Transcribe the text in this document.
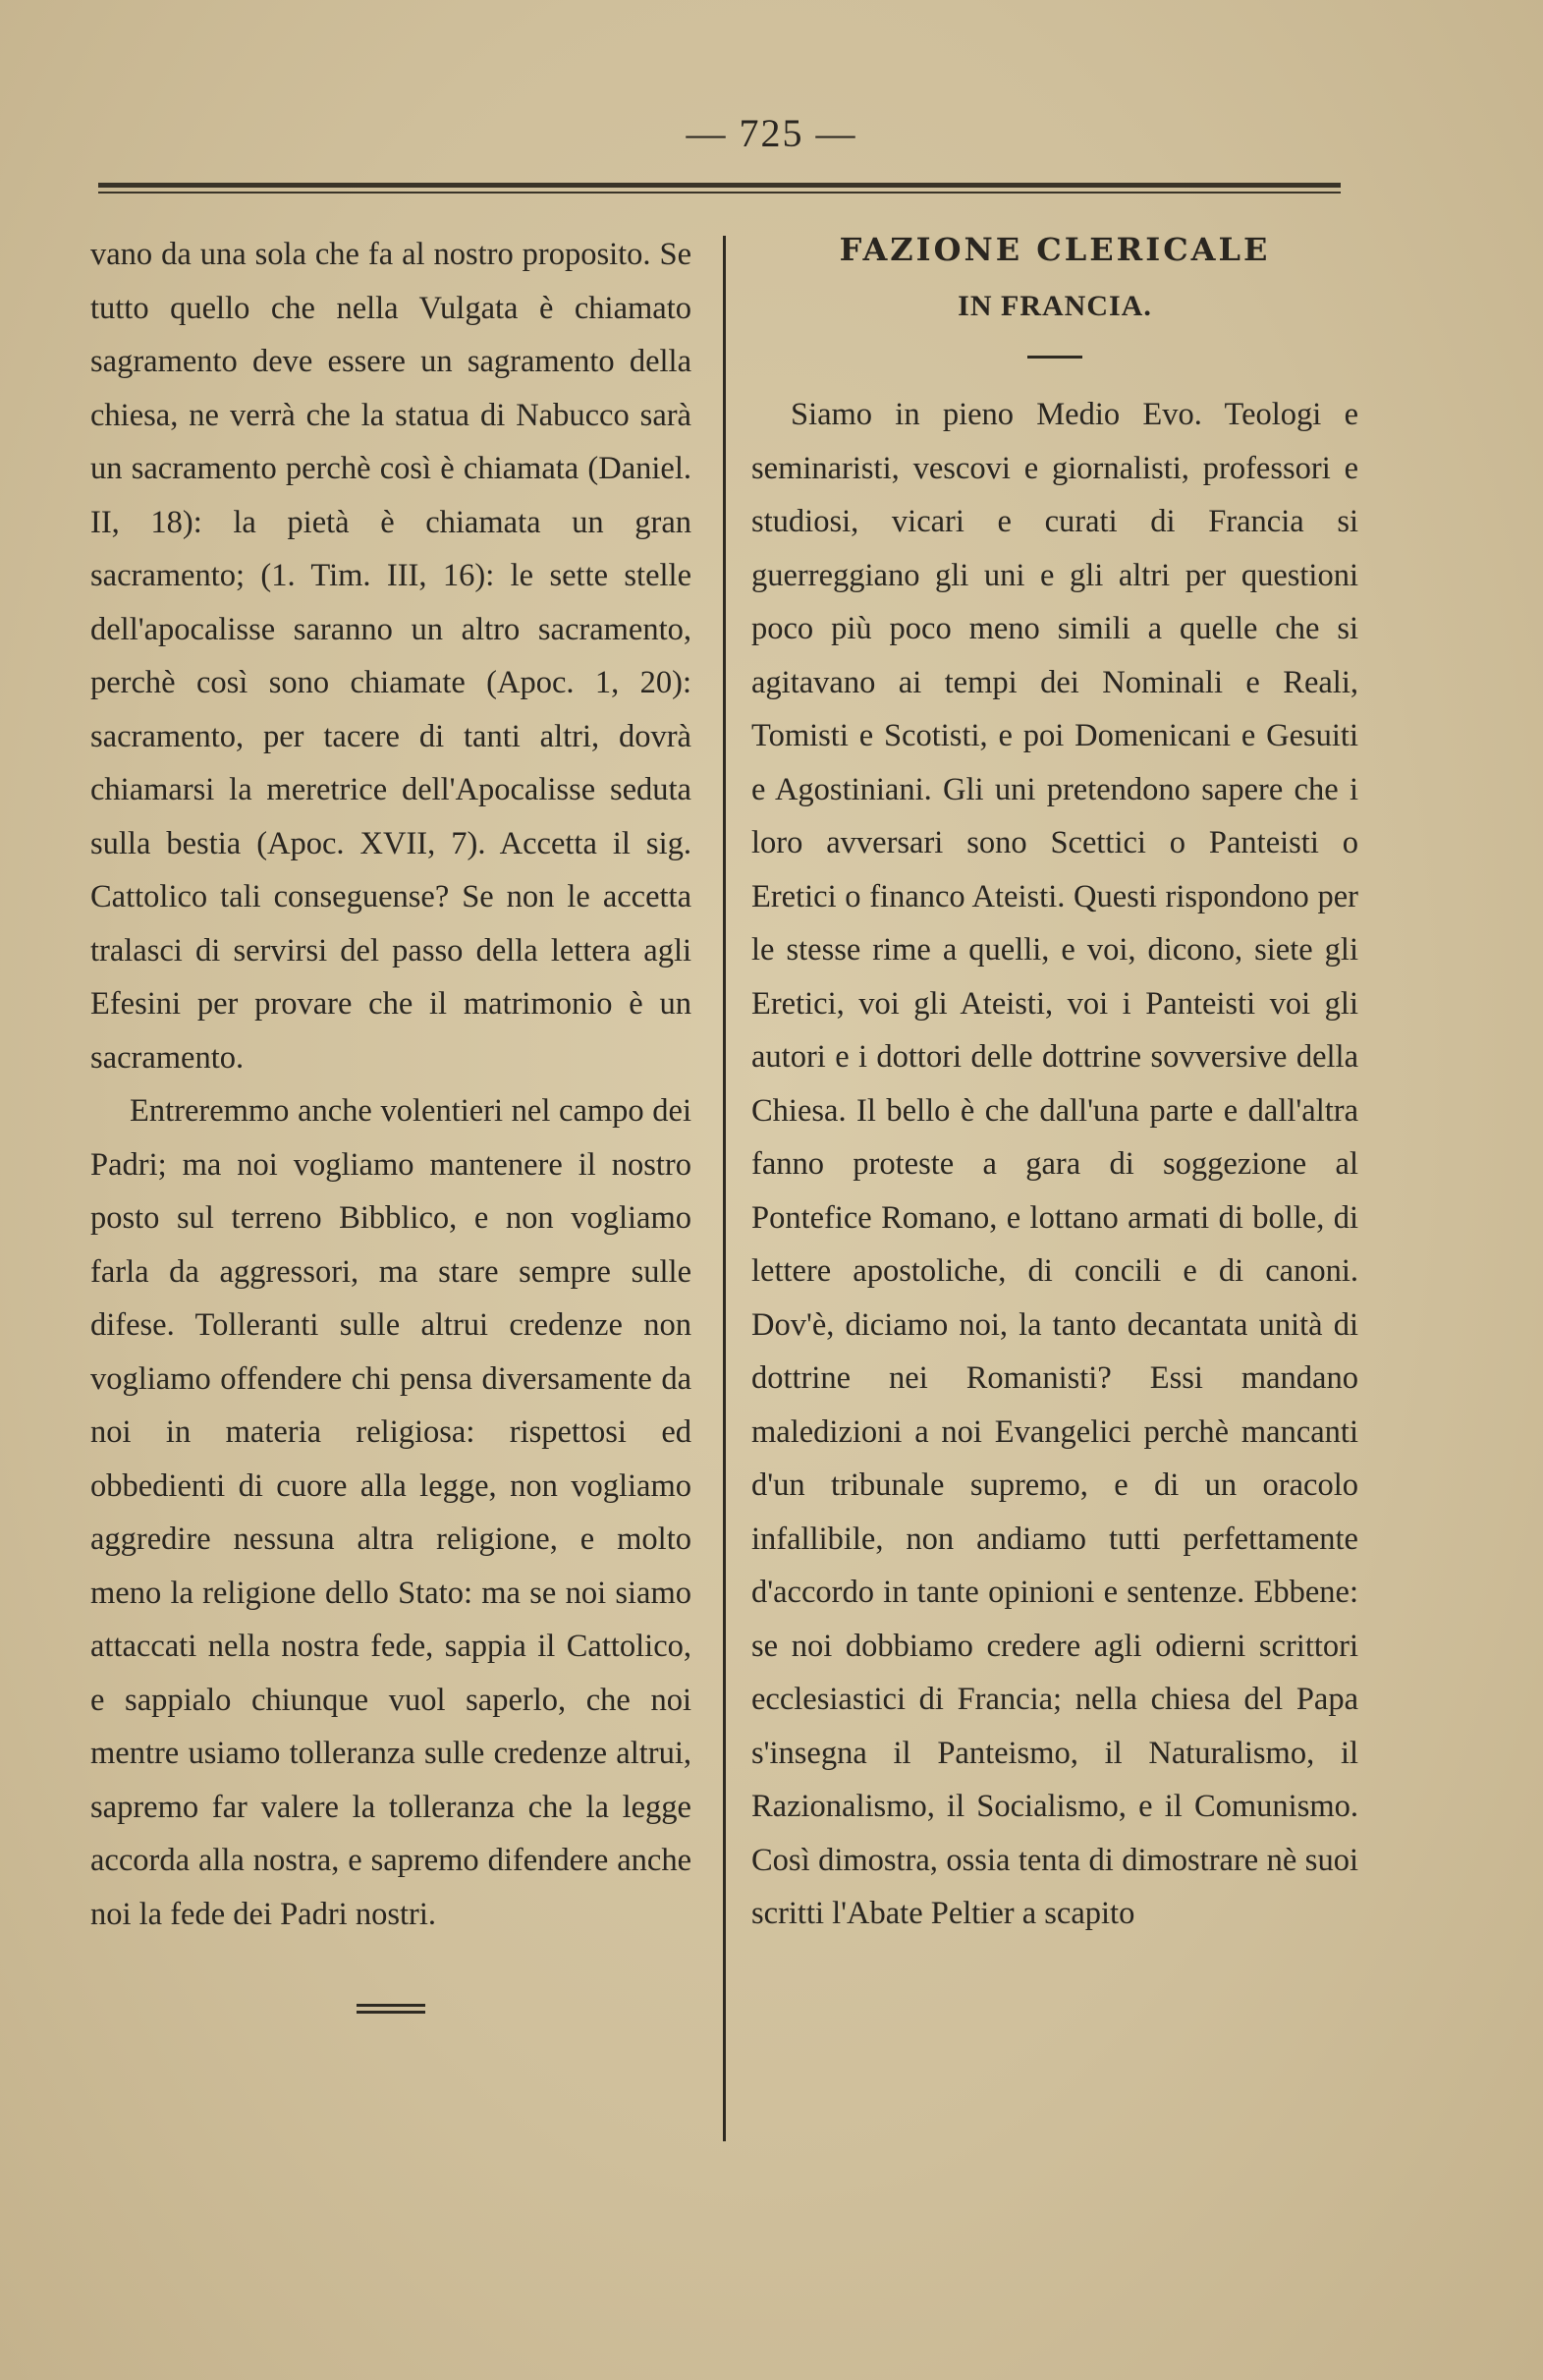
— 725 —

vano da una sola che fa al nostro proposito. Se tutto quello che nella Vulgata è chiamato sagramento deve essere un sagramento della chiesa, ne verrà che la statua di Nabucco sarà un sacramento perchè così è chiamata (Daniel. II, 18): la pietà è chiamata un gran sacramento; (1. Tim. III, 16): le sette stelle dell'apocalisse saranno un altro sacramento, perchè così sono chiamate (Apoc. 1, 20): sacramento, per tacere di tanti altri, dovrà chiamarsi la meretrice dell'Apocalisse seduta sulla bestia (Apoc. XVII, 7). Accetta il sig. Cattolico tali conseguense? Se non le accetta tralasci di servirsi del passo della lettera agli Efesini per provare che il matrimonio è un sacramento.

Entreremmo anche volentieri nel campo dei Padri; ma noi vogliamo mantenere il nostro posto sul terreno Bibblico, e non vogliamo farla da aggressori, ma stare sempre sulle difese. Tolleranti sulle altrui credenze non vogliamo offendere chi pensa diversamente da noi in materia religiosa: rispettosi ed obbedienti di cuore alla legge, non vogliamo aggredire nessuna altra religione, e molto meno la religione dello Stato: ma se noi siamo attaccati nella nostra fede, sappia il Cattolico, e sappialo chiunque vuol saperlo, che noi mentre usiamo tolleranza sulle credenze altrui, sapremo far valere la tolleranza che la legge accorda alla nostra, e sapremo difendere anche noi la fede dei Padri nostri.

FAZIONE CLERICALE
IN FRANCIA.

Siamo in pieno Medio Evo. Teologi e seminaristi, vescovi e giornalisti, professori e studiosi, vicari e curati di Francia si guerreggiano gli uni e gli altri per questioni poco più poco meno simili a quelle che si agitavano ai tempi dei Nominali e Reali, Tomisti e Scotisti, e poi Domenicani e Gesuiti e Agostiniani. Gli uni pretendono sapere che i loro avversari sono Scettici o Panteisti o Eretici o financo Ateisti. Questi rispondono per le stesse rime a quelli, e voi, dicono, siete gli Eretici, voi gli Ateisti, voi i Panteisti voi gli autori e i dottori delle dottrine sovversive della Chiesa. Il bello è che dall'una parte e dall'altra fanno proteste a gara di soggezione al Pontefice Romano, e lottano armati di bolle, di lettere apostoliche, di concili e di canoni. Dov'è, diciamo noi, la tanto decantata unità di dottrine nei Romanisti? Essi mandano maledizioni a noi Evangelici perchè mancanti d'un tribunale supremo, e di un oracolo infallibile, non andiamo tutti perfettamente d'accordo in tante opinioni e sentenze. Ebbene: se noi dobbiamo credere agli odierni scrittori ecclesiastici di Francia; nella chiesa del Papa s'insegna il Panteismo, il Naturalismo, il Razionalismo, il Socialismo, e il Comunismo. Così dimostra, ossia tenta di dimostrare nè suoi scritti l'Abate Peltier a scapito
